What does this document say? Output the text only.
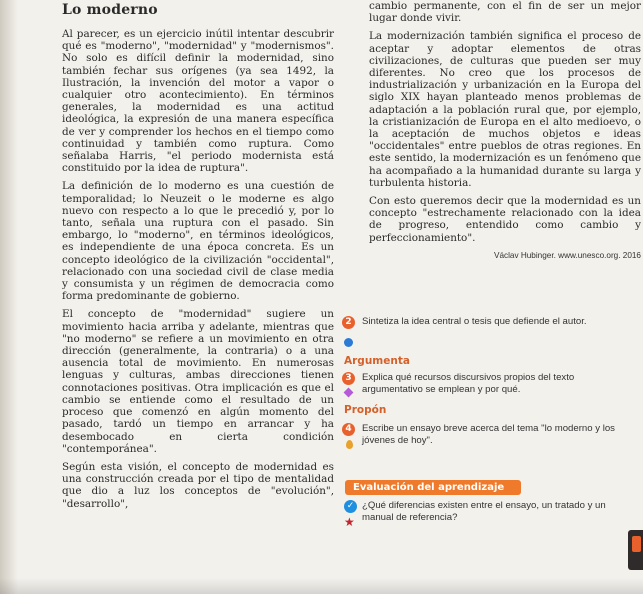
Lo moderno

Al parecer, es un ejercicio inútil intentar descubrir qué es "moderno", "modernidad" y "modernismos". No solo es difícil definir la modernidad, sino también fechar sus orígenes (ya sea 1492, la Ilustración, la invención del motor a vapor o cualquier otro acontecimiento). En términos generales, la modernidad es una actitud ideológica, la expresión de una manera específica de ver y comprender los hechos en el tiempo como continuidad y también como ruptura. Como señalaba Harris, "el periodo modernista está constituido por la idea de ruptura".

La definición de lo moderno es una cuestión de temporalidad; lo Neuzeit o le moderne es algo nuevo con respecto a lo que le precedió y, por lo tanto, señala una ruptura con el pasado. Sin embargo, lo "moderno", en términos ideológicos, es independiente de una época concreta. Es un concepto ideológico de la civilización "occidental", relacionado con una sociedad civil de clase media y consumista y un régimen de democracia como forma predominante de gobierno.

El concepto de "modernidad" sugiere un movimiento hacia arriba y adelante, mientras que "no moderno" se refiere a un movimiento en otra dirección (generalmente, la contraria) o a una ausencia total de movimiento. En numerosas lenguas y culturas, ambas direcciones tienen connotaciones positivas. Otra implicación es que el cambio se entiende como el resultado de un proceso que comenzó en algún momento del pasado, tardó un tiempo en arrancar y ha desembocado en cierta condición "contemporánea".

Según esta visión, el concepto de modernidad es una construcción creada por el tipo de mentalidad que dio a luz los conceptos de "evolución", "desarrollo",

cambio permanente, con el fin de ser un mejor lugar donde vivir.

La modernización también significa el proceso de aceptar y adoptar elementos de otras civilizaciones, de culturas que pueden ser muy diferentes. No creo que los procesos de industrialización y urbanización en la Europa del siglo XIX hayan planteado menos problemas de adaptación a la población rural que, por ejemplo, la cristianización de Europa en el alto medioevo, o la aceptación de muchos objetos e ideas "occidentales" entre pueblos de otras regiones. En este sentido, la modernización es un fenómeno que ha acompañado a la humanidad durante su larga y turbulenta historia.

Con esto queremos decir que la modernidad es un concepto "estrechamente relacionado con la idea de progreso, entendido como cambio y perfeccionamiento".

Václav Hubinger. www.unesco.org. 2016

2	Sintetiza la idea central o tesis que defiende el autor.
Argumenta
3	Explica qué recursos discursivos propios del texto argumentativo se emplean y por qué.
Propón
4	Escribe un ensayo breve acerca del tema "lo moderno y los jóvenes de hoy".
Evaluación del aprendizaje
✓ ¿Qué diferencias existen entre el ensayo, un tratado y un manual de referencia?
★
